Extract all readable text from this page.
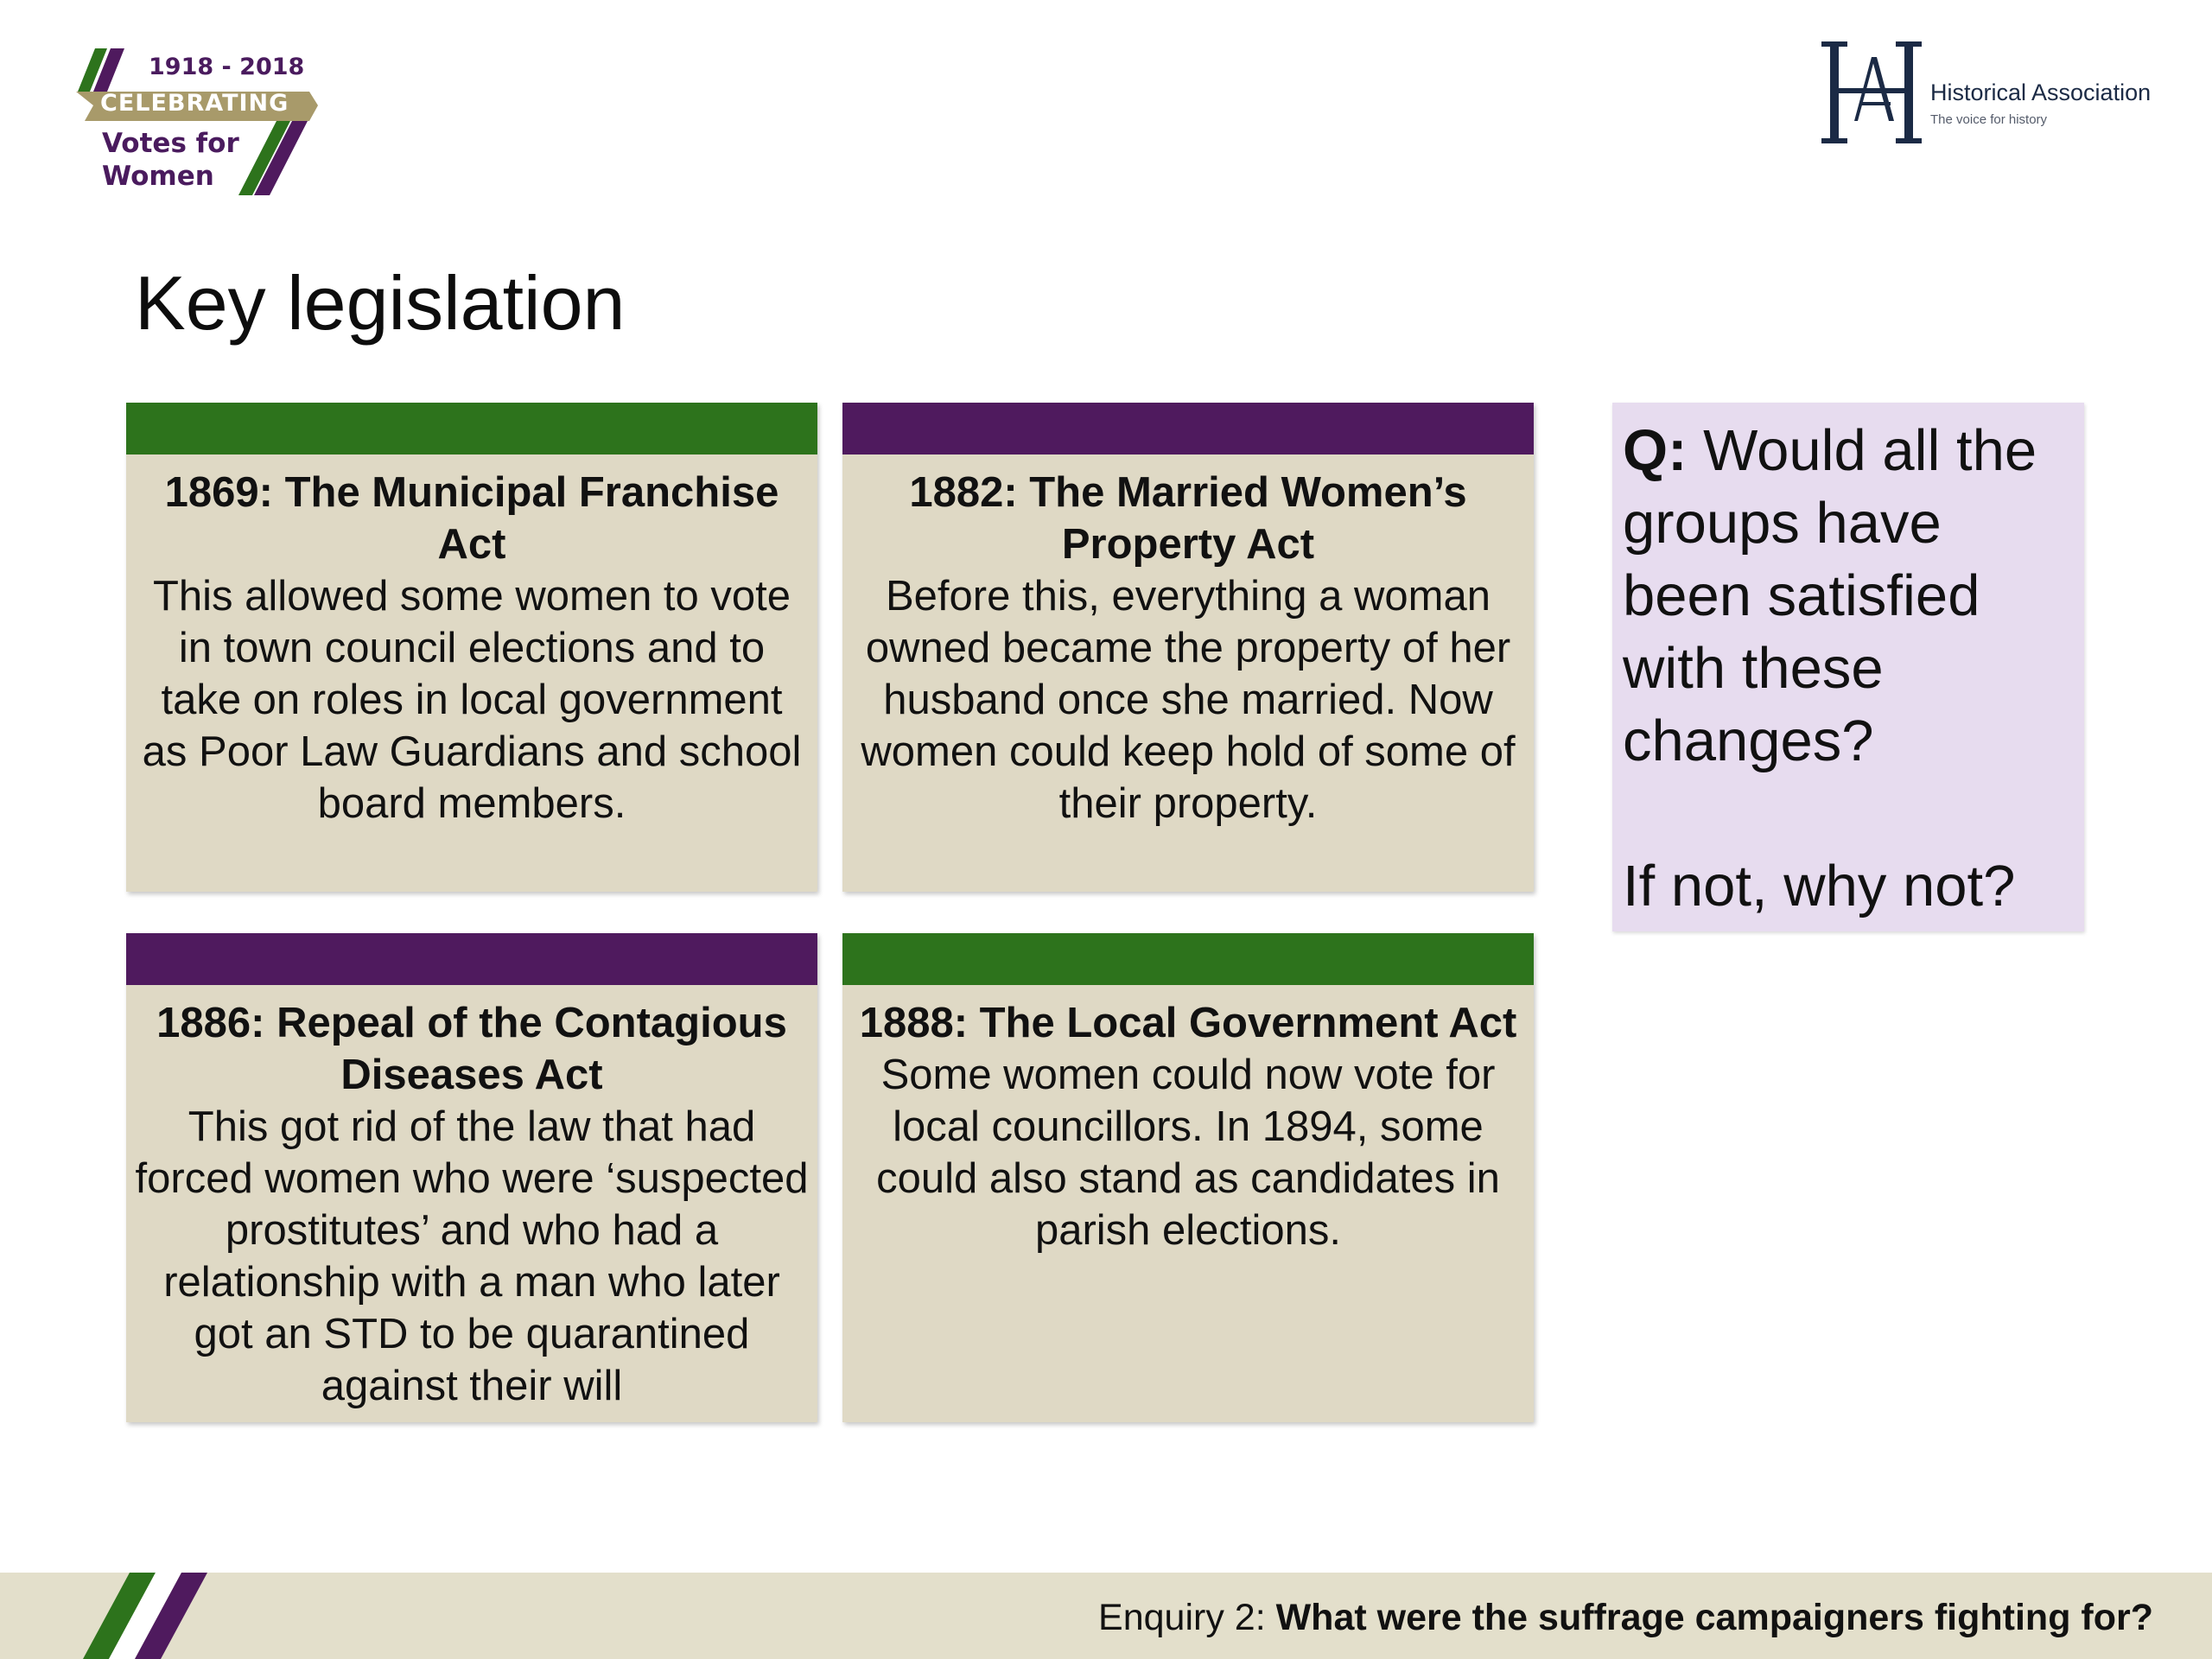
1918 - 2018
CELEBRATING
Votes for
Women
Historical Association
The voice for history
Key legislation
1869: The Municipal Franchise Act
This allowed some women to vote in town council elections and to take on roles in local government as Poor Law Guardians and school board members.
1882: The Married Women’s Property Act
Before this, everything a woman owned became the property of her husband once she married. Now women could keep hold of some of their property.
1886: Repeal of the Contagious Diseases Act
This got rid of the law that had forced women who were ‘suspected prostitutes’ and who had a relationship with a man who later got an STD to be quarantined against their will
1888: The Local Government Act
Some women could now vote for local councillors. In 1894, some could also stand as candidates in parish elections.
Q: Would all the groups have been satisfied with these changes?
If not, why not?
Enquiry 2: What were the suffrage campaigners fighting for?
